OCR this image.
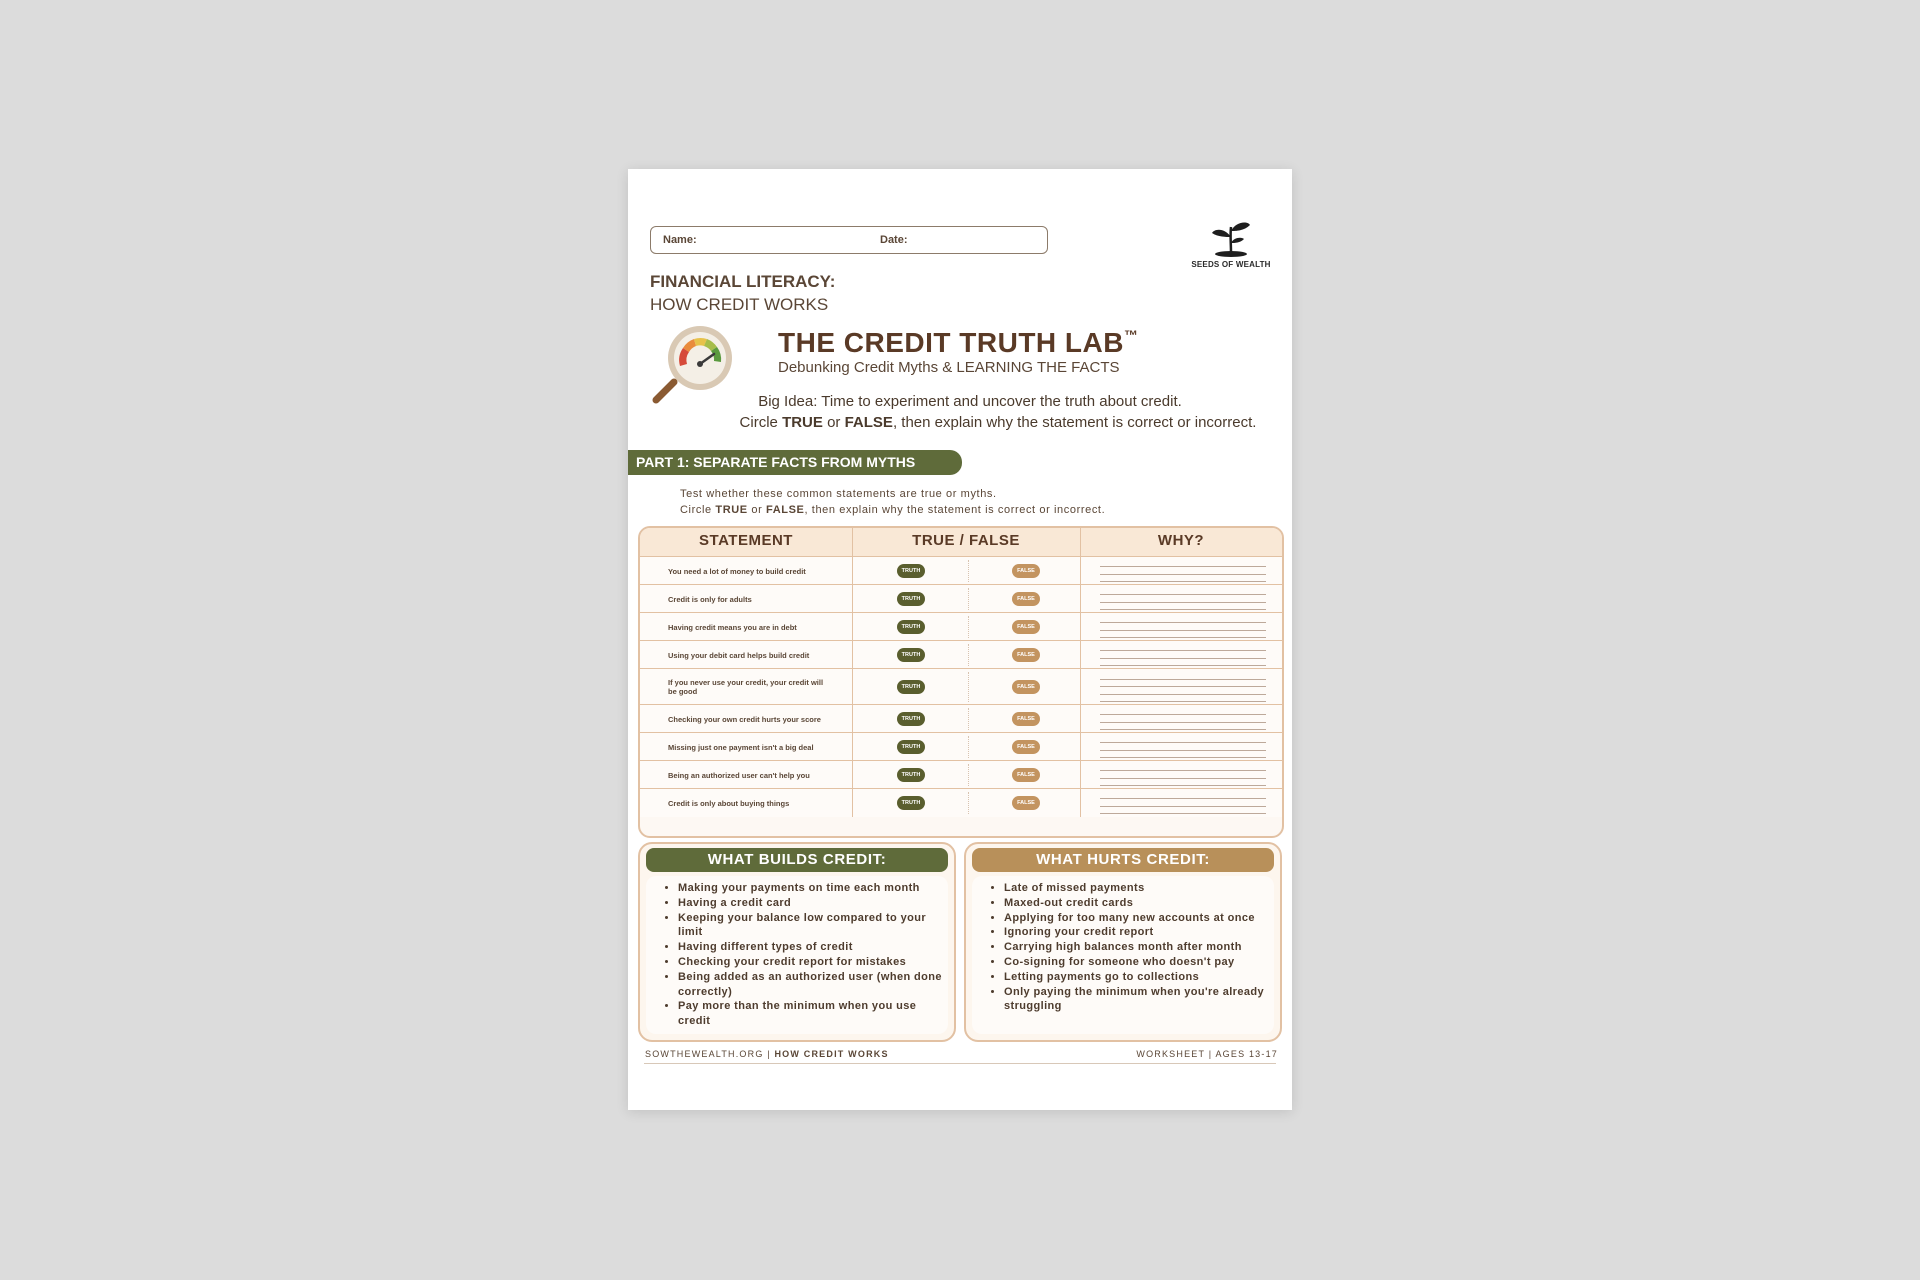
Name:	Date:
SEEDS OF WEALTH
FINANCIAL LITERACY:
HOW CREDIT WORKS
THE CREDIT TRUTH LAB™
Debunking Credit Myths & LEARNING THE FACTS
Big Idea: Time to experiment and uncover the truth about credit.
Circle TRUE or FALSE, then explain why the statement is correct or incorrect.
PART 1: SEPARATE FACTS FROM MYTHS
Test whether these common statements are true or myths.
Circle TRUE or FALSE, then explain why the statement is correct or incorrect.
STATEMENT	TRUE / FALSE	WHY?
You need a lot of money to build credit	TRUTH	FALSE
Credit is only for adults	TRUTH	FALSE
Having credit means you are in debt	TRUTH	FALSE
Using your debit card helps build credit	TRUTH	FALSE
If you never use your credit, your credit will be good	TRUTH	FALSE
Checking your own credit hurts your score	TRUTH	FALSE
Missing just one payment isn't a big deal	TRUTH	FALSE
Being an authorized user can't help you	TRUTH	FALSE
Credit is only about buying things	TRUTH	FALSE
WHAT BUILDS CREDIT:
• Making your payments on time each month
• Having a credit card
• Keeping your balance low compared to your limit
• Having different types of credit
• Checking your credit report for mistakes
• Being added as an authorized user (when done correctly)
• Pay more than the minimum when you use credit
WHAT HURTS CREDIT:
• Late of missed payments
• Maxed-out credit cards
• Applying for too many new accounts at once
• Ignoring your credit report
• Carrying high balances month after month
• Co-signing for someone who doesn't pay
• Letting payments go to collections
• Only paying the minimum when you're already struggling
SOWTHEWEALTH.ORG | HOW CREDIT WORKS	WORKSHEET | AGES 13-17
